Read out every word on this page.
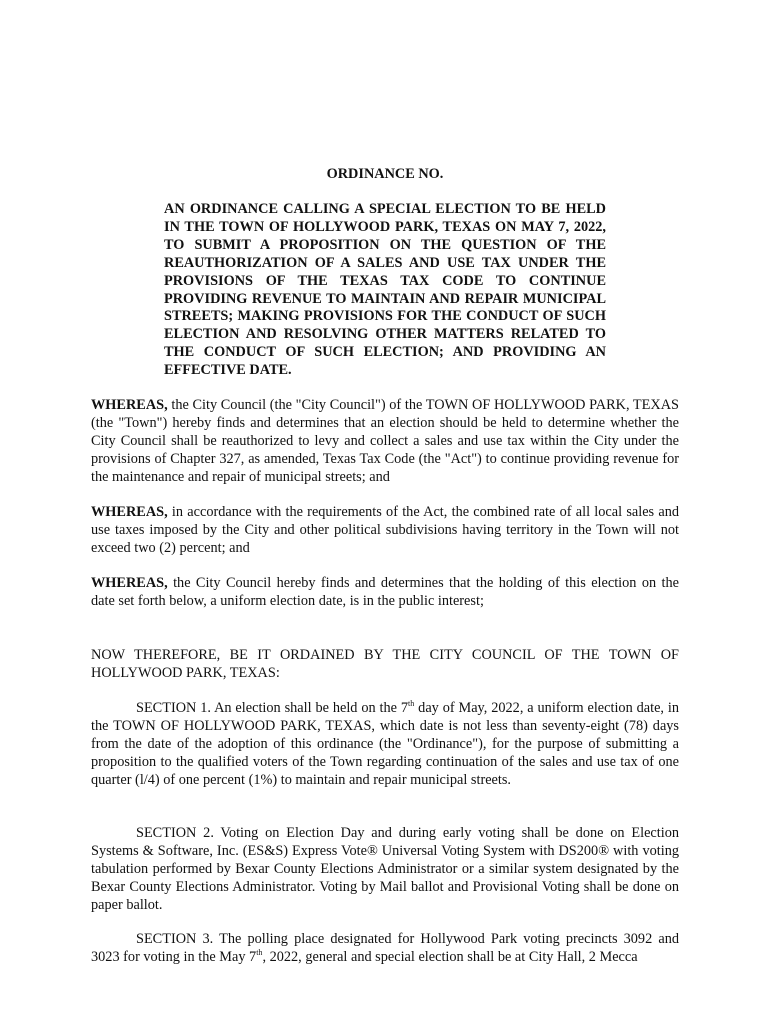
ORDINANCE NO.
AN ORDINANCE CALLING A SPECIAL ELECTION TO BE HELD IN THE TOWN OF HOLLYWOOD PARK, TEXAS ON MAY 7, 2022, TO SUBMIT A PROPOSITION ON THE QUESTION OF THE REAUTHORIZATION OF A SALES AND USE TAX UNDER THE PROVISIONS OF THE TEXAS TAX CODE TO CONTINUE PROVIDING REVENUE TO MAINTAIN AND REPAIR MUNICIPAL STREETS; MAKING PROVISIONS FOR THE CONDUCT OF SUCH ELECTION AND RESOLVING OTHER MATTERS RELATED TO THE CONDUCT OF SUCH ELECTION; AND PROVIDING AN EFFECTIVE DATE.
WHEREAS, the City Council (the "City Council") of the TOWN OF HOLLYWOOD PARK, TEXAS (the "Town") hereby finds and determines that an election should be held to determine whether the City Council shall be reauthorized to levy and collect a sales and use tax within the City under the provisions of Chapter 327, as amended, Texas Tax Code (the "Act") to continue providing revenue for the maintenance and repair of municipal streets; and
WHEREAS, in accordance with the requirements of the Act, the combined rate of all local sales and use taxes imposed by the City and other political subdivisions having territory in the Town will not exceed two (2) percent; and
WHEREAS, the City Council hereby finds and determines that the holding of this election on the date set forth below, a uniform election date, is in the public interest;
NOW THEREFORE, BE IT ORDAINED BY THE CITY COUNCIL OF THE TOWN OF HOLLYWOOD PARK, TEXAS:
SECTION 1. An election shall be held on the 7th day of May, 2022, a uniform election date, in the TOWN OF HOLLYWOOD PARK, TEXAS, which date is not less than seventy-eight (78) days from the date of the adoption of this ordinance (the "Ordinance"), for the purpose of submitting a proposition to the qualified voters of the Town regarding continuation of the sales and use tax of one quarter (l/4) of one percent (1%) to maintain and repair municipal streets.
SECTION 2. Voting on Election Day and during early voting shall be done on Election Systems & Software, Inc. (ES&S) Express Vote® Universal Voting System with DS200® with voting tabulation performed by Bexar County Elections Administrator or a similar system designated by the Bexar County Elections Administrator. Voting by Mail ballot and Provisional Voting shall be done on paper ballot.
SECTION 3. The polling place designated for Hollywood Park voting precincts 3092 and 3023 for voting in the May 7th, 2022, general and special election shall be at City Hall, 2 Mecca
